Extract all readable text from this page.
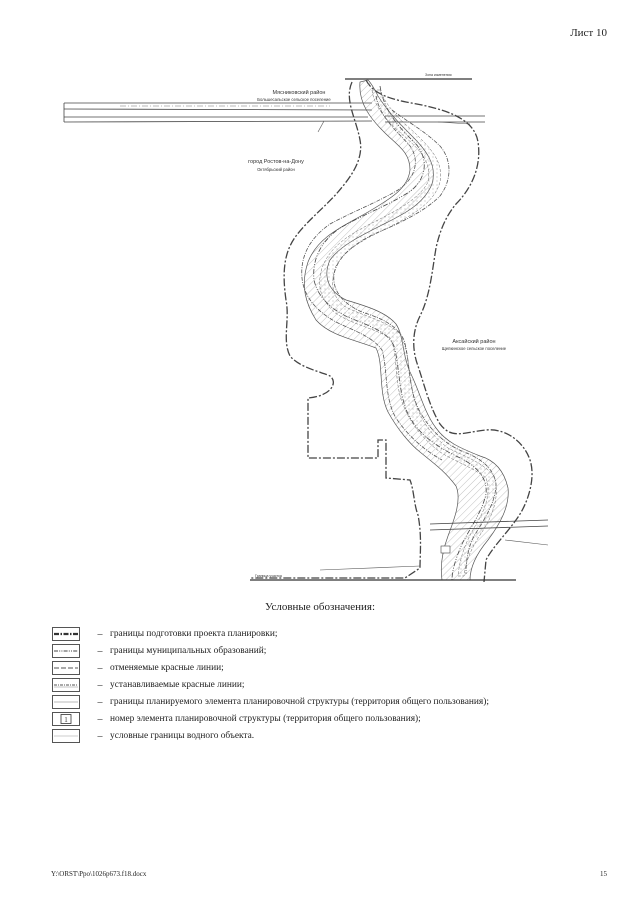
Лист 10
Зона изменения
Граница участка
Мясниковский район
Большесальское сельское поселение
город Ростов-на-Дону
Октябрьский район
Аксайский район
Щепкинское сельское поселение
Условные обозначения:
– границы подготовки проекта планировки;
– границы муниципальных образований;
– отменяемые красные линии;
– устанавливаемые красные линии;
– границы планируемого элемента планировочной структуры (территория общего пользования);
1	– номер элемента планировочной структуры (территория общего пользования);
– условные границы водного объекта.
Y:\ORST\Ppo\1026p673.f18.docx	15
